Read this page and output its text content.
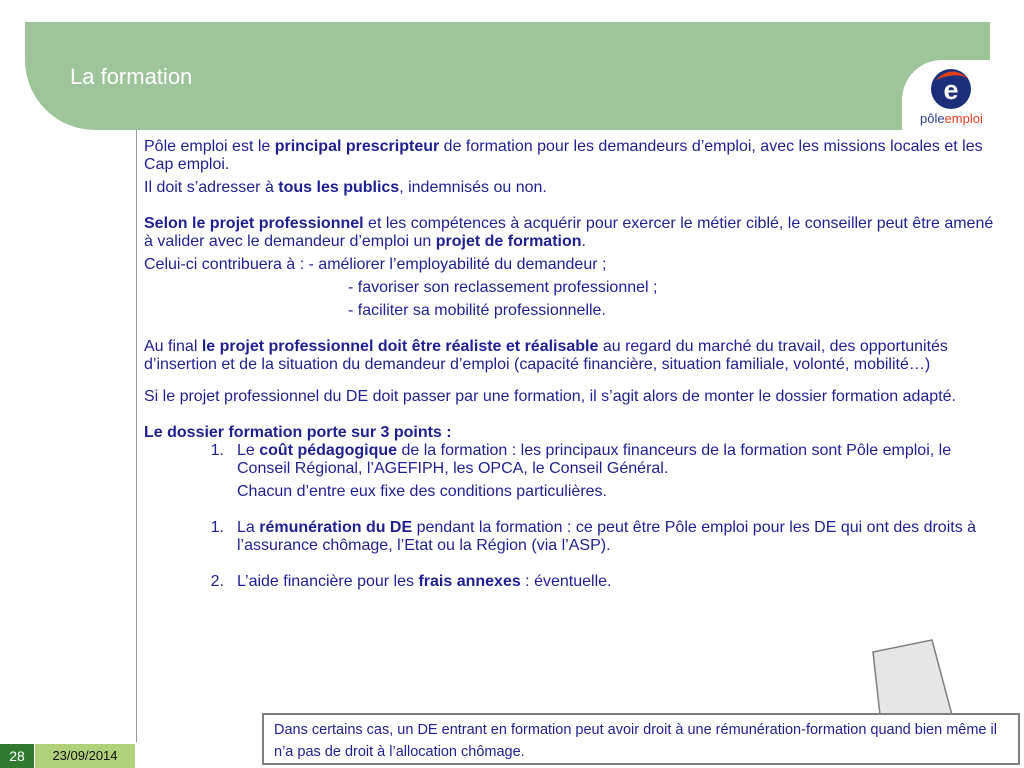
La formation	e
pôleemploi

Pôle emploi est le principal prescripteur de formation pour les demandeurs d’emploi, avec les missions locales et les Cap emploi.

Il doit s’adresser à tous les publics, indemnisés ou non.

Selon le projet professionnel et les compétences à acquérir pour exercer le métier ciblé, le conseiller peut être amené à valider avec le demandeur d’emploi un projet de formation.

Celui-ci contribuera à : - améliorer l’employabilité du demandeur ;

- favoriser son reclassement professionnel ;

- faciliter sa mobilité professionnelle.

Au final le projet professionnel doit être réaliste et réalisable au regard du marché du travail, des opportunités d’insertion et de la situation du demandeur d’emploi (capacité financière, situation familiale, volonté, mobilité…)

Si le projet professionnel du DE doit passer par une formation, il s’agit alors de monter le dossier formation adapté.

Le dossier formation porte sur 3 points :

1. Le coût pédagogique de la formation : les principaux financeurs de la formation sont Pôle emploi, le Conseil Régional, l’AGEFIPH, les OPCA, le Conseil Général.

Chacun d’entre eux fixe des conditions particulières.

1. La rémunération du DE pendant la formation : ce peut être Pôle emploi pour les DE qui ont des droits à l’assurance chômage, l’Etat ou la Région (via l’ASP).
2. L’aide financière pour les frais annexes : éventuelle.
Dans certains cas, un DE entrant en formation peut avoir droit à une rémunération-formation quand bien même il n’a pas de droit à l’allocation chômage.
28	23/09/2014
